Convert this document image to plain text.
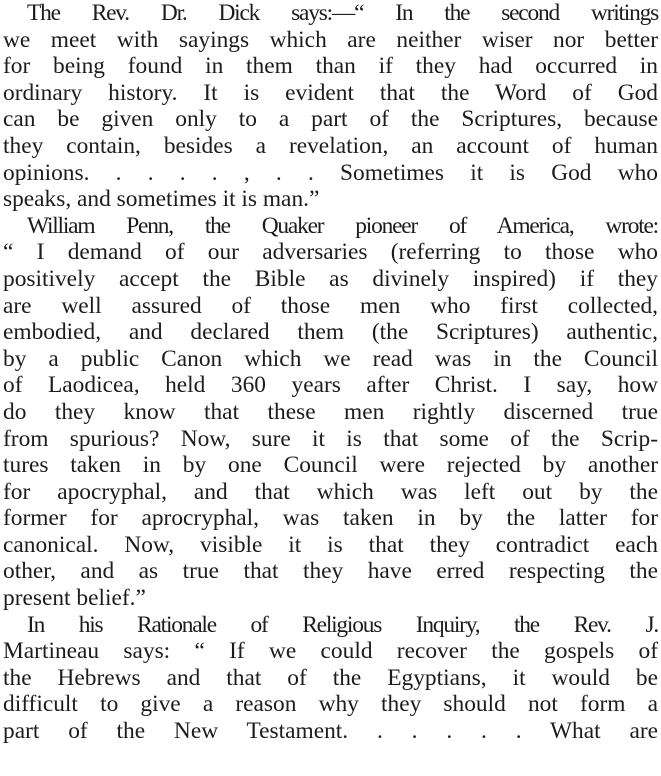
The Rev. Dr. Dick says:—“ In the second writings
we meet with sayings which are neither wiser nor better
for being found in them than if they had occurred in
ordinary history. It is evident that the Word of God
can be given only to a part of the Scriptures, because
they contain, besides a revelation, an account of human
opinions. . . . . , . . Sometimes it is God who
speaks, and sometimes it is man.”
William Penn, the Quaker pioneer of America, wrote:
“ I demand of our adversaries (referring to those who
positively accept the Bible as divinely inspired) if they
are well assured of those men who first collected,
embodied, and declared them (the Scriptures) authentic,
by a public Canon which we read was in the Council
of Laodicea, held 360 years after Christ. I say, how
do they know that these men rightly discerned true
from spurious? Now, sure it is that some of the Scrip-
tures taken in by one Council were rejected by another
for apocryphal, and that which was left out by the
former for aprocryphal, was taken in by the latter for
canonical. Now, visible it is that they contradict each
other, and as true that they have erred respecting the
present belief.”
In his Rationale of Religious Inquiry, the Rev. J.
Martineau says: “ If we could recover the gospels of
the Hebrews and that of the Egyptians, it would be
difficult to give a reason why they should not form a
part of the New Testament. . . . . . What are
